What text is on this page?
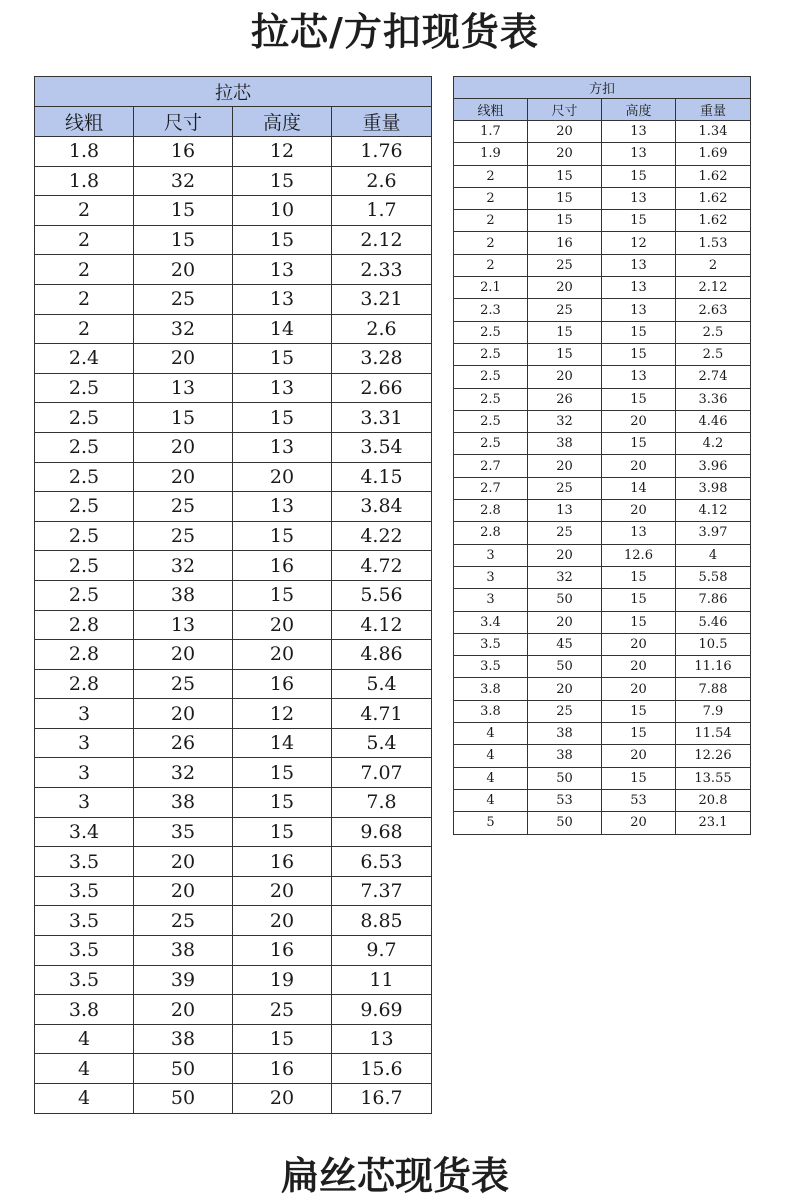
拉芯/方扣现货表
拉芯			
线粗	尺寸	高度	重量
1.8	16	12	1.76
1.8	32	15	2.6
2	15	10	1.7
2	15	15	2.12
2	20	13	2.33
2	25	13	3.21
2	32	14	2.6
2.4	20	15	3.28
2.5	13	13	2.66
2.5	15	15	3.31
2.5	20	13	3.54
2.5	20	20	4.15
2.5	25	13	3.84
2.5	25	15	4.22
2.5	32	16	4.72
2.5	38	15	5.56
2.8	13	20	4.12
2.8	20	20	4.86
2.8	25	16	5.4
3	20	12	4.71
3	26	14	5.4
3	32	15	7.07
3	38	15	7.8
3.4	35	15	9.68
3.5	20	16	6.53
3.5	20	20	7.37
3.5	25	20	8.85
3.5	38	16	9.7
3.5	39	19	11
3.8	20	25	9.69
4	38	15	13
4	50	16	15.6
4	50	20	16.7
方扣			
线粗	尺寸	高度	重量
1.7	20	13	1.34
1.9	20	13	1.69
2	15	15	1.62
2	15	13	1.62
2	15	15	1.62
2	16	12	1.53
2	25	13	2
2.1	20	13	2.12
2.3	25	13	2.63
2.5	15	15	2.5
2.5	15	15	2.5
2.5	20	13	2.74
2.5	26	15	3.36
2.5	32	20	4.46
2.5	38	15	4.2
2.7	20	20	3.96
2.7	25	14	3.98
2.8	13	20	4.12
2.8	25	13	3.97
3	20	12.6	4
3	32	15	5.58
3	50	15	7.86
3.4	20	15	5.46
3.5	45	20	10.5
3.5	50	20	11.16
3.8	20	20	7.88
3.8	25	15	7.9
4	38	15	11.54
4	38	20	12.26
4	50	15	13.55
4	53	53	20.8
5	50	20	23.1
扁丝芯现货表
